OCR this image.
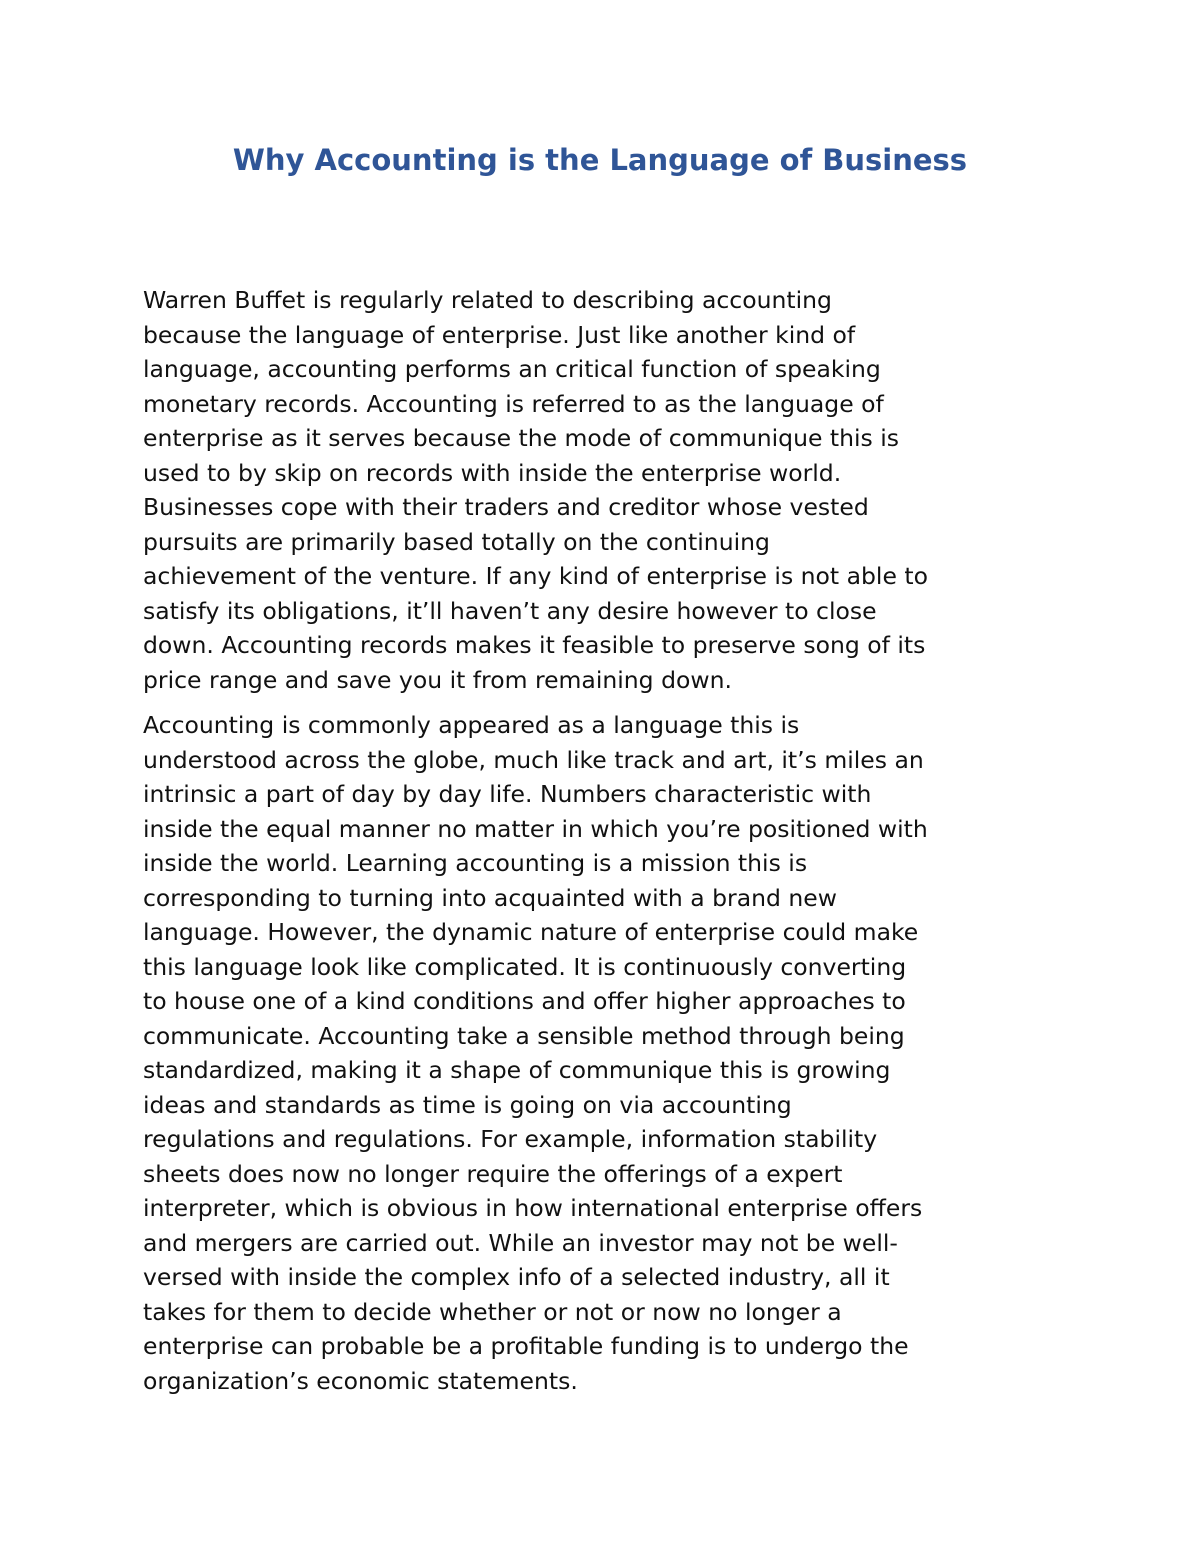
Why Accounting is the Language of Business

Warren Buffet is regularly related to describing accounting
because the language of enterprise. Just like another kind of
language, accounting performs an critical function of speaking
monetary records. Accounting is referred to as the language of
enterprise as it serves because the mode of communique this is
used to by skip on records with inside the enterprise world.
Businesses cope with their traders and creditor whose vested
pursuits are primarily based totally on the continuing
achievement of the venture. If any kind of enterprise is not able to
satisfy its obligations, it’ll haven’t any desire however to close
down. Accounting records makes it feasible to preserve song of its
price range and save you it from remaining down.

Accounting is commonly appeared as a language this is
understood across the globe, much like track and art, it’s miles an
intrinsic a part of day by day life. Numbers characteristic with
inside the equal manner no matter in which you’re positioned with
inside the world. Learning accounting is a mission this is
corresponding to turning into acquainted with a brand new
language. However, the dynamic nature of enterprise could make
this language look like complicated. It is continuously converting
to house one of a kind conditions and offer higher approaches to
communicate. Accounting take a sensible method through being
standardized, making it a shape of communique this is growing
ideas and standards as time is going on via accounting
regulations and regulations. For example, information stability
sheets does now no longer require the offerings of a expert
interpreter, which is obvious in how international enterprise offers
and mergers are carried out. While an investor may not be well-
versed with inside the complex info of a selected industry, all it
takes for them to decide whether or not or now no longer a
enterprise can probable be a profitable funding is to undergo the
organization’s economic statements.
